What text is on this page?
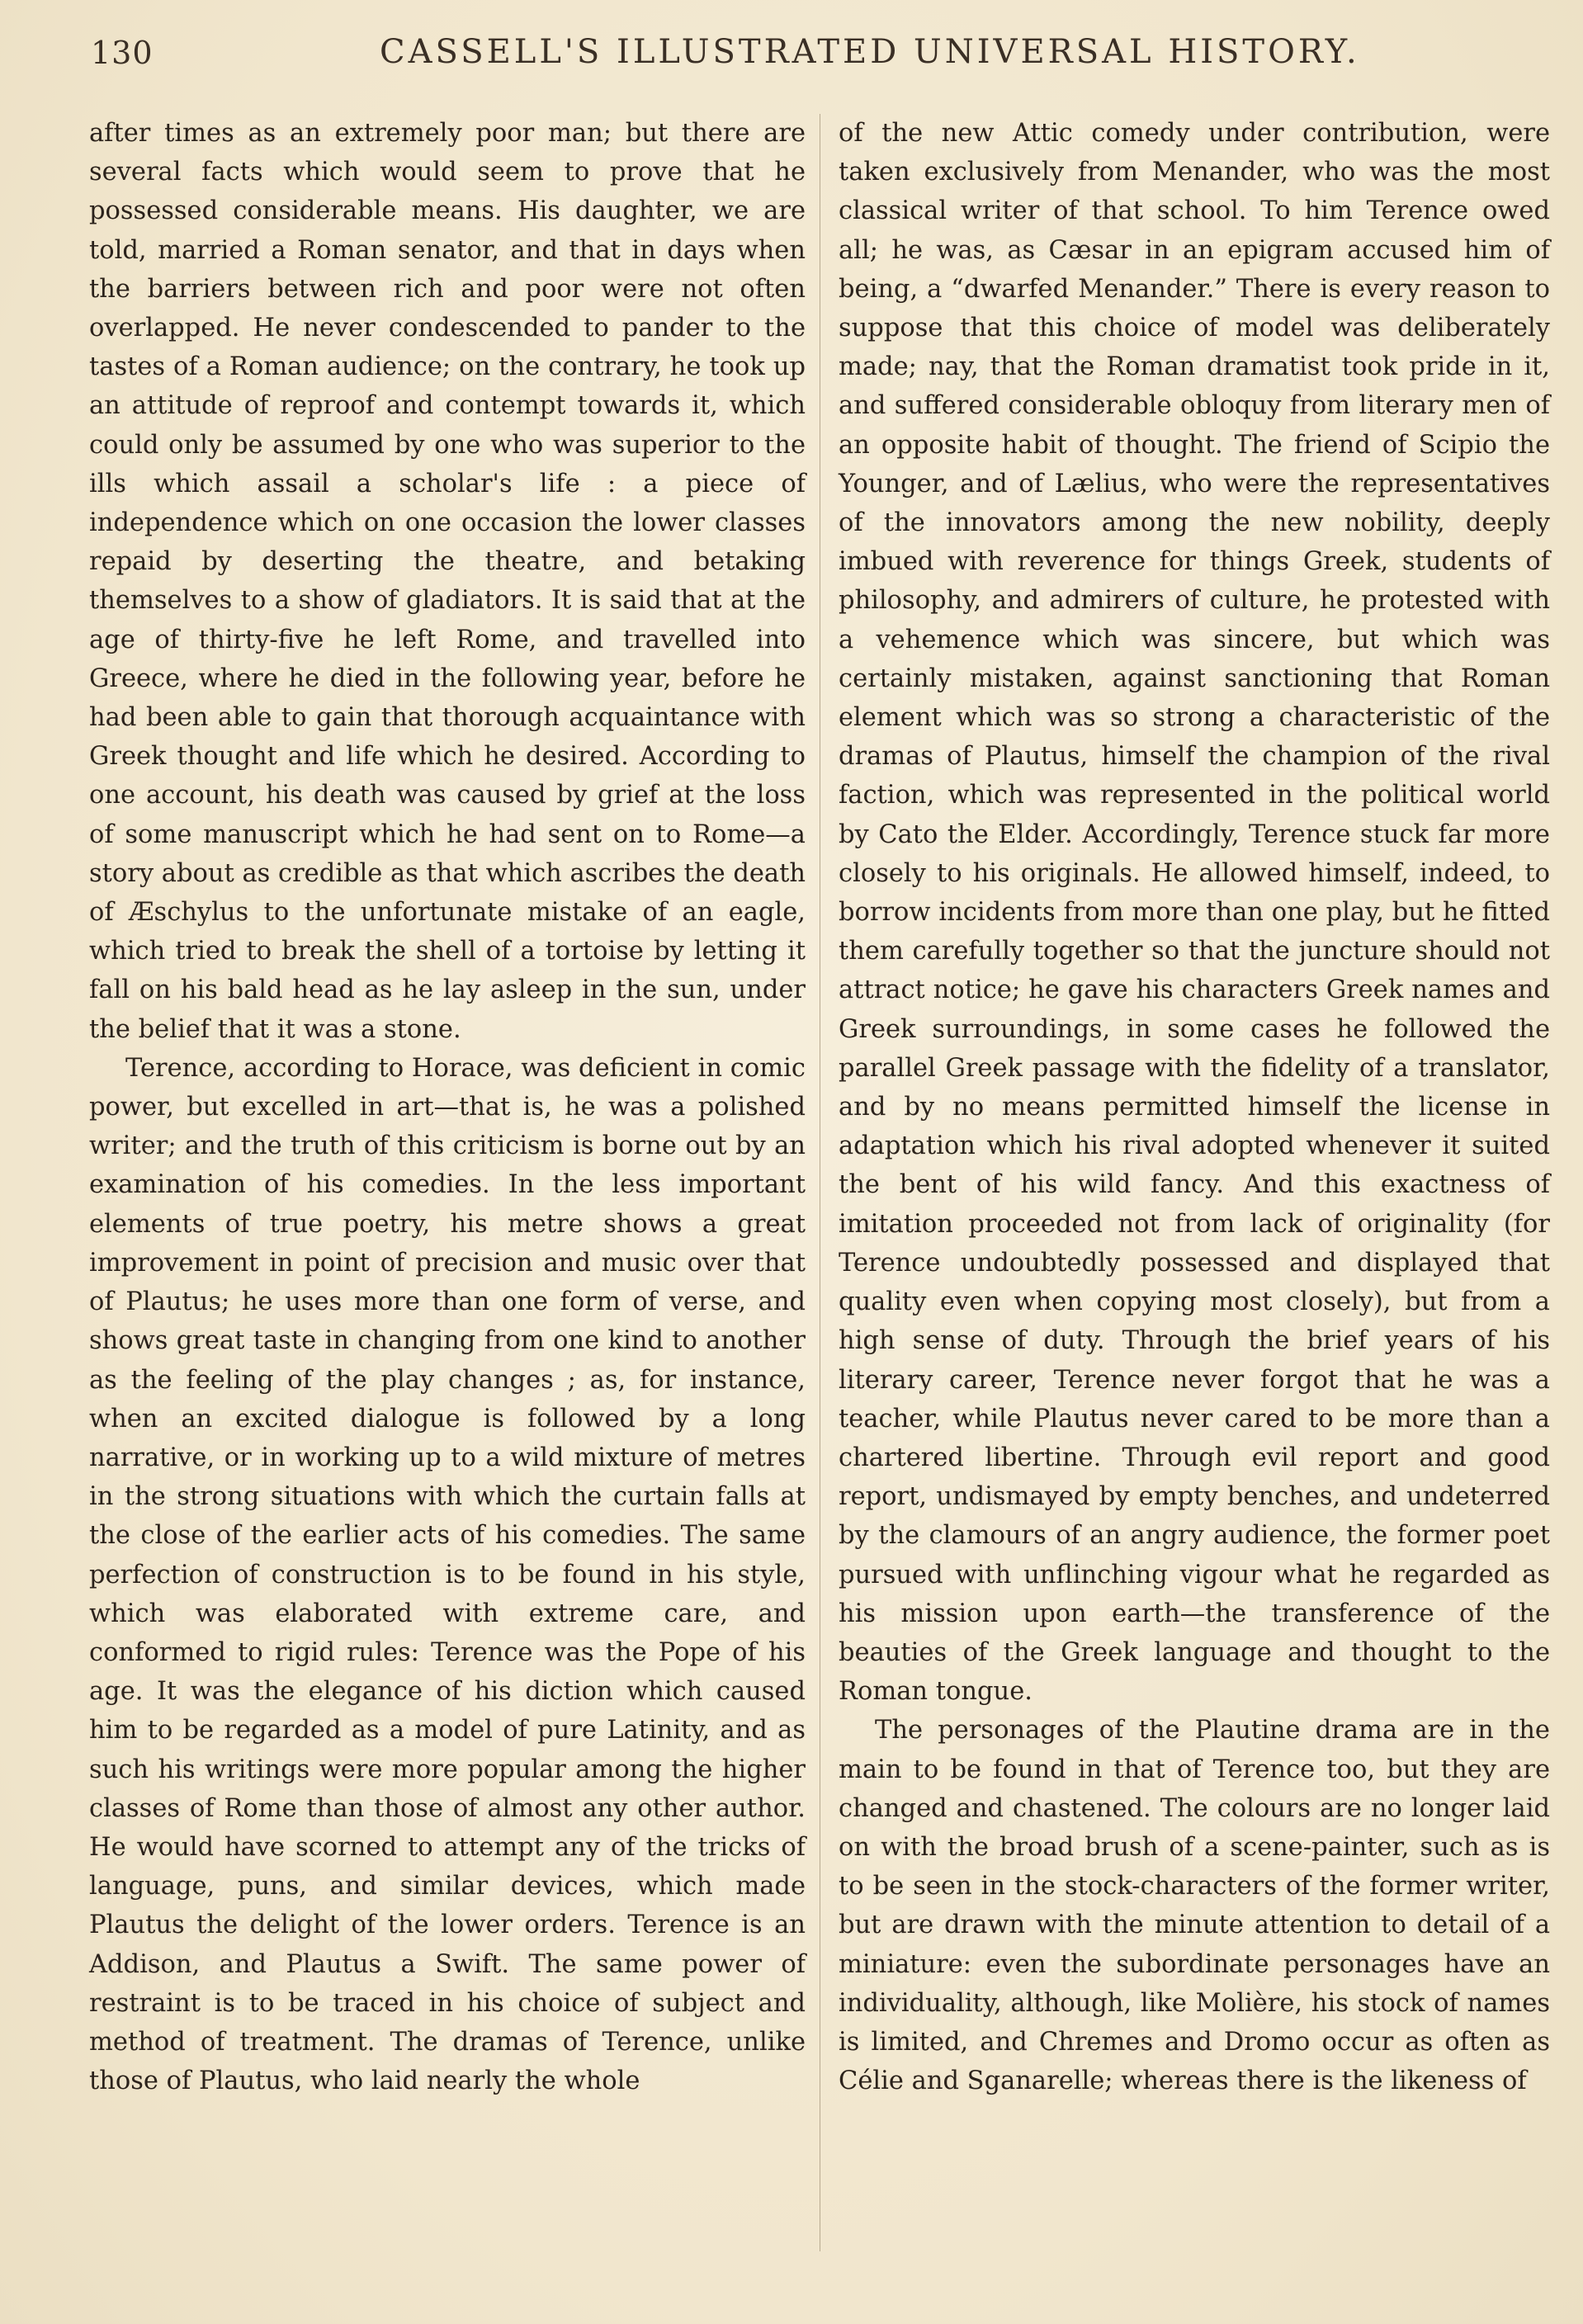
130	CASSELL'S ILLUSTRATED UNIVERSAL HISTORY.

after times as an extremely poor man; but there are several facts which would seem to prove that he possessed considerable means. His daughter, we are told, married a Roman senator, and that in days when the barriers between rich and poor were not often overlapped. He never condescended to pander to the tastes of a Roman audience; on the contrary, he took up an attitude of reproof and contempt towards it, which could only be assumed by one who was superior to the ills which assail a scholar's life : a piece of independence which on one occasion the lower classes repaid by deserting the theatre, and betaking themselves to a show of gladiators. It is said that at the age of thirty-five he left Rome, and travelled into Greece, where he died in the following year, before he had been able to gain that thorough acquaintance with Greek thought and life which he desired. According to one account, his death was caused by grief at the loss of some manuscript which he had sent on to Rome—a story about as credible as that which ascribes the death of Æschylus to the unfortunate mistake of an eagle, which tried to break the shell of a tortoise by letting it fall on his bald head as he lay asleep in the sun, under the belief that it was a stone.

Terence, according to Horace, was deficient in comic power, but excelled in art—that is, he was a polished writer; and the truth of this criticism is borne out by an examination of his comedies. In the less important elements of true poetry, his metre shows a great improvement in point of precision and music over that of Plautus; he uses more than one form of verse, and shows great taste in changing from one kind to another as the feeling of the play changes ; as, for instance, when an excited dialogue is followed by a long narrative, or in working up to a wild mixture of metres in the strong situations with which the curtain falls at the close of the earlier acts of his comedies. The same perfection of construction is to be found in his style, which was elaborated with extreme care, and conformed to rigid rules: Terence was the Pope of his age. It was the elegance of his diction which caused him to be regarded as a model of pure Latinity, and as such his writings were more popular among the higher classes of Rome than those of almost any other author. He would have scorned to attempt any of the tricks of language, puns, and similar devices, which made Plautus the delight of the lower orders. Terence is an Addison, and Plautus a Swift. The same power of restraint is to be traced in his choice of subject and method of treatment. The dramas of Terence, unlike those of Plautus, who laid nearly the whole

of the new Attic comedy under contribution, were taken exclusively from Menander, who was the most classical writer of that school. To him Terence owed all; he was, as Cæsar in an epigram accused him of being, a “dwarfed Menander.” There is every reason to suppose that this choice of model was deliberately made; nay, that the Roman dramatist took pride in it, and suffered considerable obloquy from literary men of an opposite habit of thought. The friend of Scipio the Younger, and of Lælius, who were the representatives of the innovators among the new nobility, deeply imbued with reverence for things Greek, students of philosophy, and admirers of culture, he protested with a vehemence which was sincere, but which was certainly mistaken, against sanctioning that Roman element which was so strong a characteristic of the dramas of Plautus, himself the champion of the rival faction, which was represented in the political world by Cato the Elder. Accordingly, Terence stuck far more closely to his originals. He allowed himself, indeed, to borrow incidents from more than one play, but he fitted them carefully together so that the juncture should not attract notice; he gave his characters Greek names and Greek surroundings, in some cases he followed the parallel Greek passage with the fidelity of a translator, and by no means permitted himself the license in adaptation which his rival adopted whenever it suited the bent of his wild fancy. And this exactness of imitation proceeded not from lack of originality (for Terence undoubtedly possessed and displayed that quality even when copying most closely), but from a high sense of duty. Through the brief years of his literary career, Terence never forgot that he was a teacher, while Plautus never cared to be more than a chartered libertine. Through evil report and good report, undismayed by empty benches, and undeterred by the clamours of an angry audience, the former poet pursued with unflinching vigour what he regarded as his mission upon earth—the transference of the beauties of the Greek language and thought to the Roman tongue.

The personages of the Plautine drama are in the main to be found in that of Terence too, but they are changed and chastened. The colours are no longer laid on with the broad brush of a scene-painter, such as is to be seen in the stock-characters of the former writer, but are drawn with the minute attention to detail of a miniature: even the subordinate personages have an individuality, although, like Molière, his stock of names is limited, and Chremes and Dromo occur as often as Célie and Sganarelle; whereas there is the likeness of
